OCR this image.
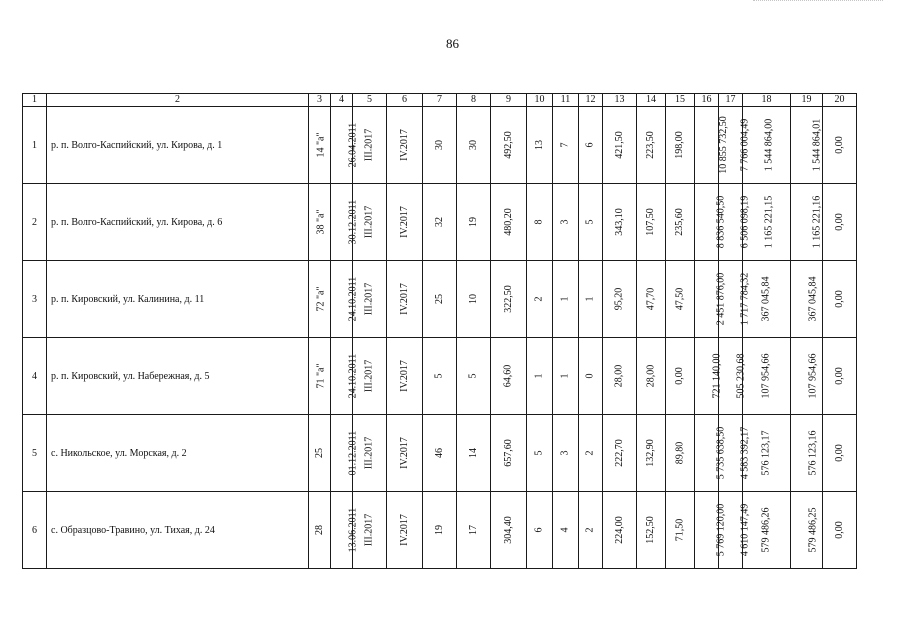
86
1	2	3	4	5	6	7	8	9	10	11	12	13	14	15	16	17	18	19	20
1	р. п. Волго-Каспийский, ул. Кирова, д. 1	14 "а"	26.04.2011	III.2017	IV.2017	30	30	492,50	13	7	6	421,50	223,50	198,00	10 855 732,50	7 766 004,49	1 544 864,00	1 544 864,01	0,00
2	р. п. Волго-Каспийский, ул. Кирова, д. 6	38 "а"	30.12.2011	III.2017	IV.2017	32	19	480,20	8	3	5	343,10	107,50	235,60	8 836 540,50	6 506 098,19	1 165 221,15	1 165 221,16	0,00
3	р. п. Кировский, ул. Калинина, д. 11	72 "а"	24.10.2011	III.2017	IV.2017	25	10	322,50	2	1	1	95,20	47,70	47,50	2 451 876,00	1 717 784,32	367 045,84	367 045,84	0,00
4	р. п. Кировский, ул. Набережная, д. 5	71 "а"	24.10.2011	III.2017	IV.2017	5	5	64,60	1	1	0	28,00	28,00	0,00	721 140,00	505 230,68	107 954,66	107 954,66	0,00
5	с. Никольское, ул. Морская, д. 2	25	01.12.2011	III.2017	IV.2017	46	14	657,60	5	3	2	222,70	132,90	89,80	5 735 638,50	4 583 392,17	576 123,17	576 123,16	0,00
6	с. Образцово-Травино, ул. Тихая, д. 24	28	13.06.2011	III.2017	IV.2017	19	17	304,40	6	4	2	224,00	152,50	71,50	5 769 120,00	4 610 147,49	579 486,26	579 486,25	0,00
